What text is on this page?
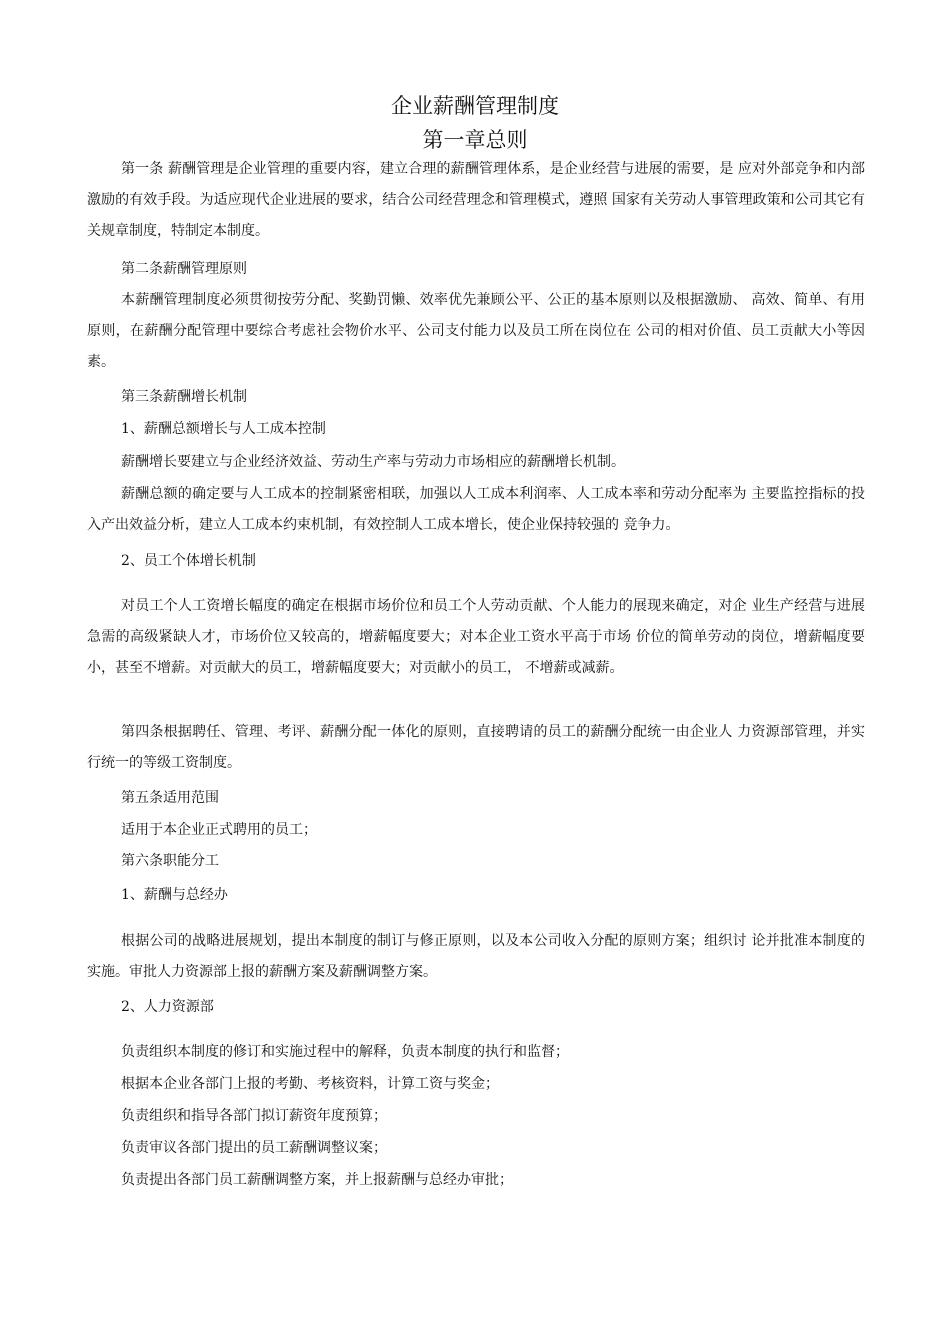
企业薪酬管理制度
第一章总则

第一条 薪酬管理是企业管理的重要内容，建立合理的薪酬管理体系，是企业经营与进展的需要，是 应对外部竞争和内部激励的有效手段。为适应现代企业进展的要求，结合公司经营理念和管理模式，遵照 国家有关劳动人事管理政策和公司其它有关规章制度，特制定本制度。

第二条薪酬管理原则

本薪酬管理制度必须贯彻按劳分配、奖勤罚懒、效率优先兼顾公平、公正的基本原则以及根据激励、 高效、简单、有用原则，在薪酬分配管理中要综合考虑社会物价水平、公司支付能力以及员工所在岗位在 公司的相对价值、员工贡献大小等因素。

第三条薪酬增长机制

1、薪酬总额增长与人工成本控制

薪酬增长要建立与企业经济效益、劳动生产率与劳动力市场相应的薪酬增长机制。

薪酬总额的确定要与人工成本的控制紧密相联，加强以人工成本利润率、人工成本率和劳动分配率为 主要监控指标的投入产出效益分析，建立人工成本约束机制，有效控制人工成本增长，使企业保持较强的 竞争力。

2、员工个体增长机制

对员工个人工资增长幅度的确定在根据市场价位和员工个人劳动贡献、个人能力的展现来确定，对企 业生产经营与进展急需的高级紧缺人才，市场价位又较高的，增薪幅度要大；对本企业工资水平高于市场 价位的简单劳动的岗位，增薪幅度要小，甚至不增薪。对贡献大的员工，增薪幅度要大；对贡献小的员工， 不增薪或减薪。

第四条根据聘任、管理、考评、薪酬分配一体化的原则，直接聘请的员工的薪酬分配统一由企业人 力资源部管理，并实行统一的等级工资制度。

第五条适用范围

适用于本企业正式聘用的员工；

第六条职能分工

1、薪酬与总经办

根据公司的战略进展规划，提出本制度的制订与修正原则，以及本公司收入分配的原则方案；组织讨 论并批准本制度的实施。审批人力资源部上报的薪酬方案及薪酬调整方案。

2、人力资源部

负责组织本制度的修订和实施过程中的解释，负责本制度的执行和监督；

根据本企业各部门上报的考勤、考核资料，计算工资与奖金；

负责组织和指导各部门拟订薪资年度预算；

负责审议各部门提出的员工薪酬调整议案；

负责提出各部门员工薪酬调整方案，并上报薪酬与总经办审批；
